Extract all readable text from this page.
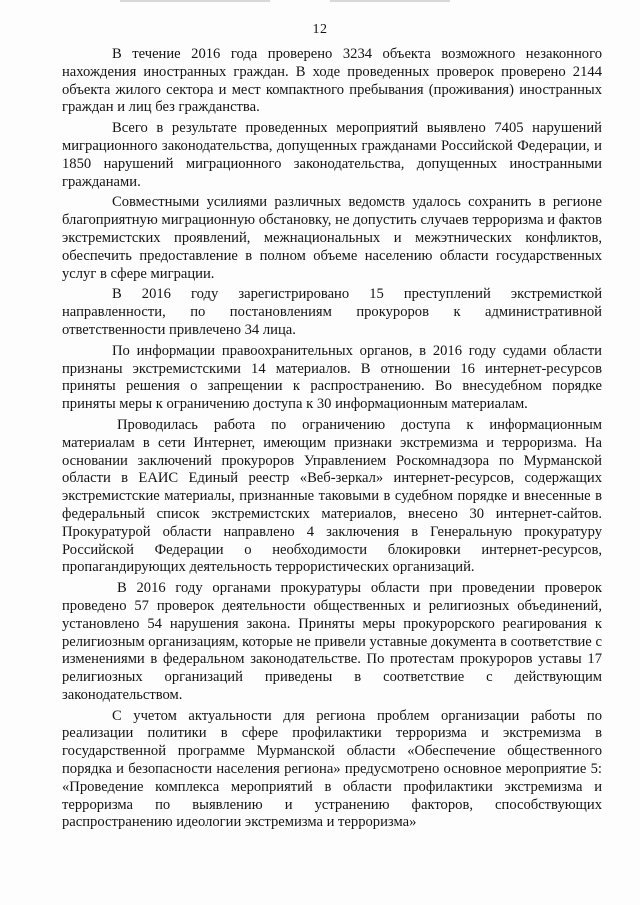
12

В течение 2016 года проверено 3234 объекта возможного незаконного нахождения иностранных граждан. В ходе проведенных проверок проверено 2144 объекта жилого сектора и мест компактного пребывания (проживания) иностранных граждан и лиц без гражданства.

Всего в результате проведенных мероприятий выявлено 7405 нарушений миграционного законодательства, допущенных гражданами Российской Федерации, и 1850 нарушений миграционного законодательства, допущенных иностранными гражданами.

Совместными усилиями различных ведомств удалось сохранить в регионе благоприятную миграционную обстановку, не допустить случаев терроризма и фактов экстремистских проявлений, межнациональных и межэтнических конфликтов, обеспечить предоставление в полном объеме населению области государственных услуг в сфере миграции.

В 2016 году зарегистрировано 15 преступлений экстремисткой направленности, по постановлениям прокуроров к административной ответственности привлечено 34 лица.

По информации правоохранительных органов, в 2016 году судами области признаны экстремистскими 14 материалов. В отношении 16 интернет-ресурсов приняты решения о запрещении к распространению. Во внесудебном порядке приняты меры к ограничению доступа к 30 информационным материалам.

Проводилась работа по ограничению доступа к информационным материалам в сети Интернет, имеющим признаки экстремизма и терроризма. На основании заключений прокуроров Управлением Роскомнадзора по Мурманской области в ЕАИС Единый реестр «Веб-зеркал» интернет-ресурсов, содержащих экстремистские материалы, признанные таковыми в судебном порядке и внесенные в федеральный список экстремистских материалов, внесено 30 интернет-сайтов. Прокуратурой области направлено 4 заключения в Генеральную прокуратуру Российской Федерации о необходимости блокировки интернет-ресурсов, пропагандирующих деятельность террористических организаций.

В 2016 году органами прокуратуры области при проведении проверок проведено 57 проверок деятельности общественных и религиозных объединений, установлено 54 нарушения закона. Приняты меры прокурорского реагирования к религиозным организациям, которые не привели уставные документа в соответствие с изменениями в федеральном законодательстве. По протестам прокуроров уставы 17 религиозных организаций приведены в соответствие с действующим законодательством.

С учетом актуальности для региона проблем организации работы по реализации политики в сфере профилактики терроризма и экстремизма в государственной программе Мурманской области «Обеспечение общественного порядка и безопасности населения региона» предусмотрено основное мероприятие 5: «Проведение комплекса мероприятий в области профилактики экстремизма и терроризма по выявлению и устранению факторов, способствующих распространению идеологии экстремизма и терроризма»
